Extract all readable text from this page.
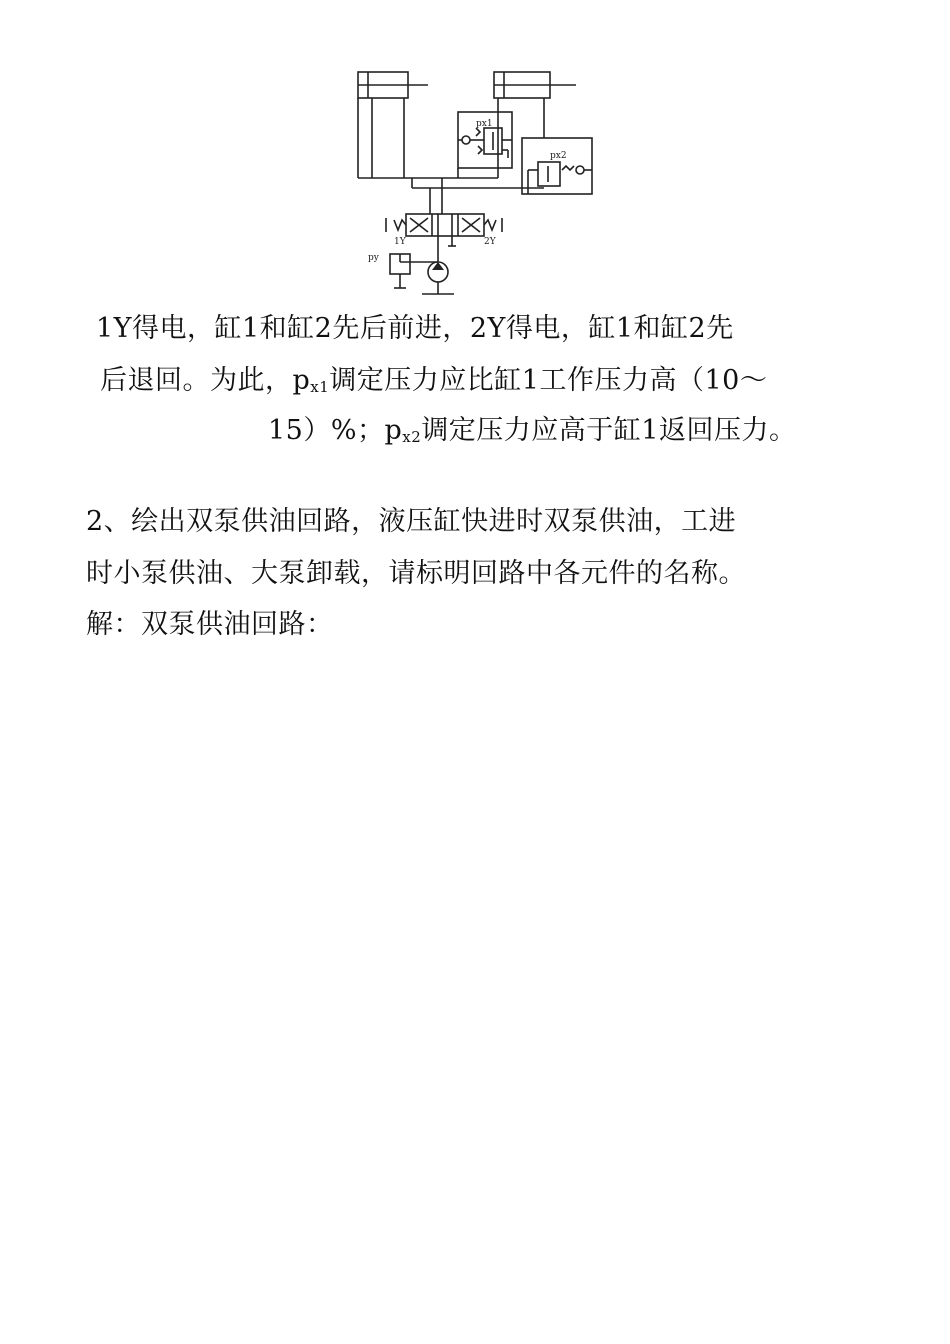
px1
px2
1Y	2Y
py
1Y得电，缸1和缸2先后前进，2Y得电，缸1和缸2先
后退回。为此，$p_{x1}$调定压力应比缸1工作压力高（10～
15）%；$p_{x2}$调定压力应高于缸1返回压力。
2、绘出双泵供油回路，液压缸快进时双泵供油，工进
时小泵供油、大泵卸载，请标明回路中各元件的名称。
解：双泵供油回路：
